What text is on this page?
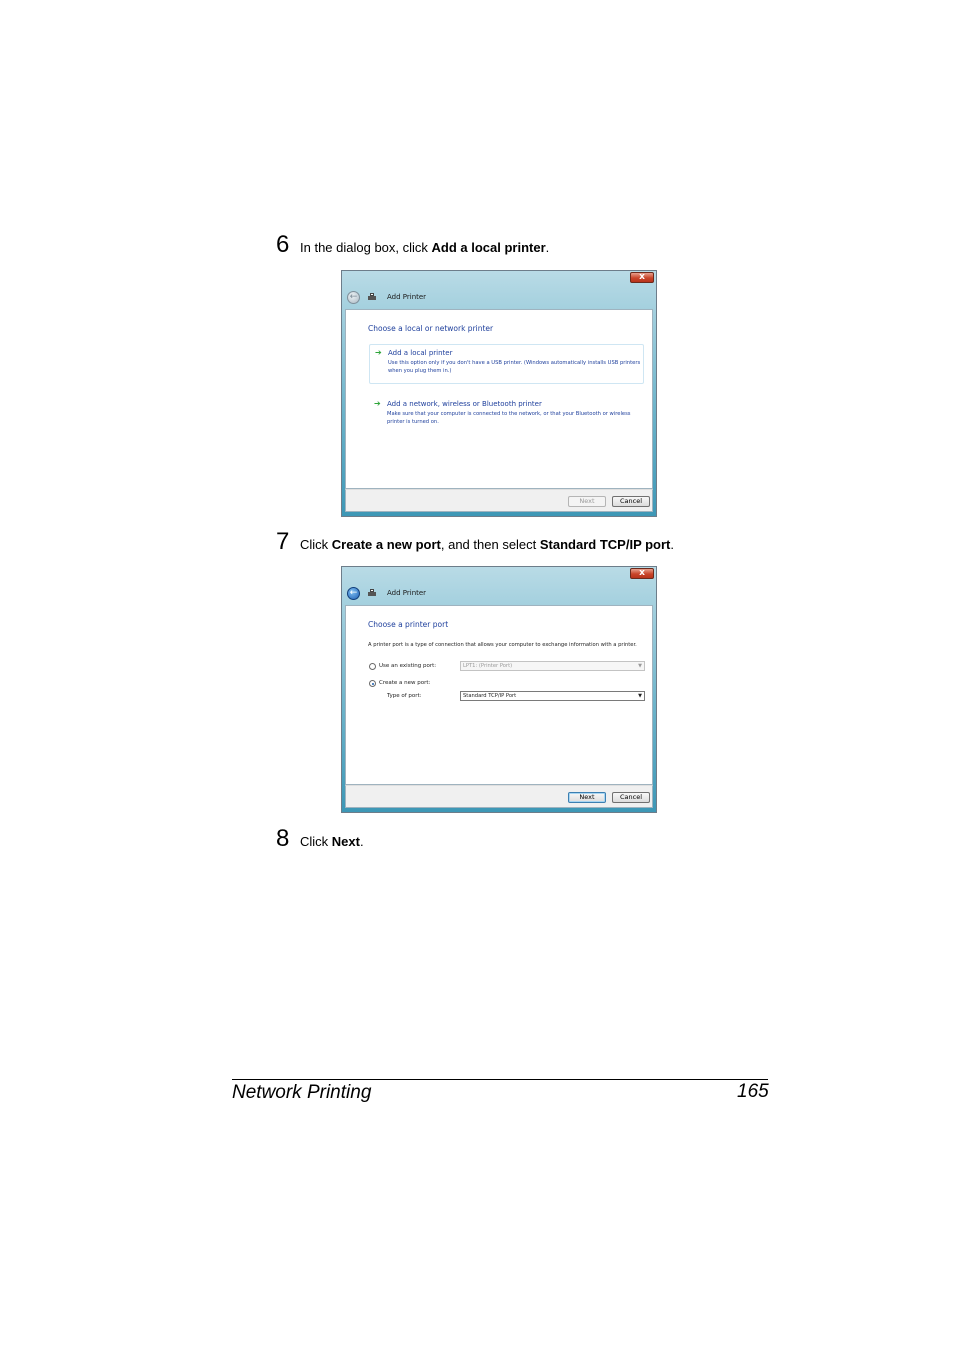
6 In the dialog box, click Add a local printer.
x
←	Add Printer
Choose a local or network printer
➔ Add a local printer
Use this option only if you don't have a USB printer. (Windows automatically installs USB printers when you plug them in.)
➔ Add a network, wireless or Bluetooth printer
Make sure that your computer is connected to the network, or that your Bluetooth or wireless printer is turned on.
Next	Cancel
7 Click Create a new port, and then select Standard TCP/IP port.
x
←	Add Printer
Choose a printer port
A printer port is a type of connection that allows your computer to exchange information with a printer.
Use an existing port:	LPT1: (Printer Port)	▼
Create a new port:
Type of port:	Standard TCP/IP Port	▼
Next	Cancel
8 Click Next.
Network Printing	165
